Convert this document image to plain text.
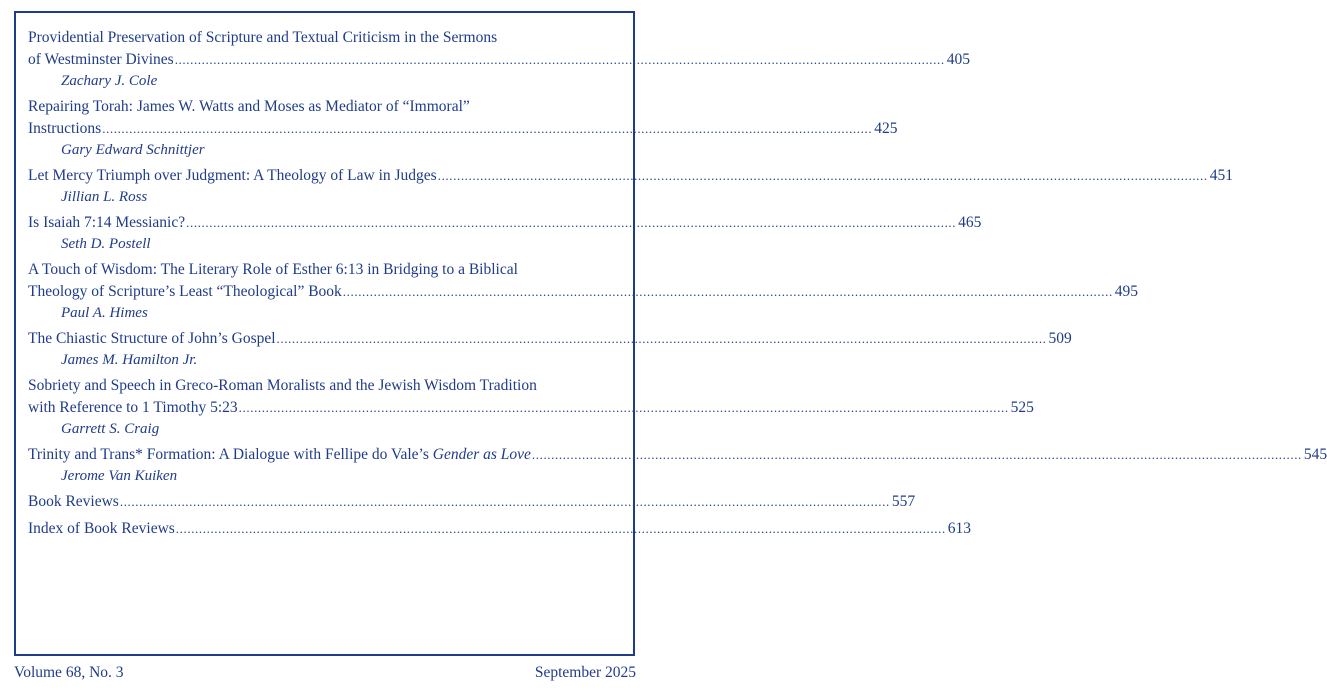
Providential Preservation of Scripture and Textual Criticism in the Sermons
of Westminster Divines ........................................................................................................................................................................................................ 405
Zachary J. Cole
Repairing Torah: James W. Watts and Moses as Mediator of “Immoral”
Instructions ........................................................................................................................................................................................................ 425
Gary Edward Schnittjer
Let Mercy Triumph over Judgment: A Theology of Law in Judges ........................................................................................................................................................................................................ 451
Jillian L. Ross
Is Isaiah 7:14 Messianic? ........................................................................................................................................................................................................ 465
Seth D. Postell
A Touch of Wisdom: The Literary Role of Esther 6:13 in Bridging to a Biblical
Theology of Scripture’s Least “Theological” Book ........................................................................................................................................................................................................ 495
Paul A. Himes
The Chiastic Structure of John’s Gospel ........................................................................................................................................................................................................ 509
James M. Hamilton Jr.
Sobriety and Speech in Greco-Roman Moralists and the Jewish Wisdom Tradition
with Reference to 1 Timothy 5:23 ........................................................................................................................................................................................................ 525
Garrett S. Craig
Trinity and Trans* Formation: A Dialogue with Fellipe do Vale’s Gender as Love ........................................................................................................................................................................................................ 545
Jerome Van Kuiken
Book Reviews ........................................................................................................................................................................................................ 557
Index of Book Reviews ........................................................................................................................................................................................................ 613
Volume 68, No. 3	September 2025
